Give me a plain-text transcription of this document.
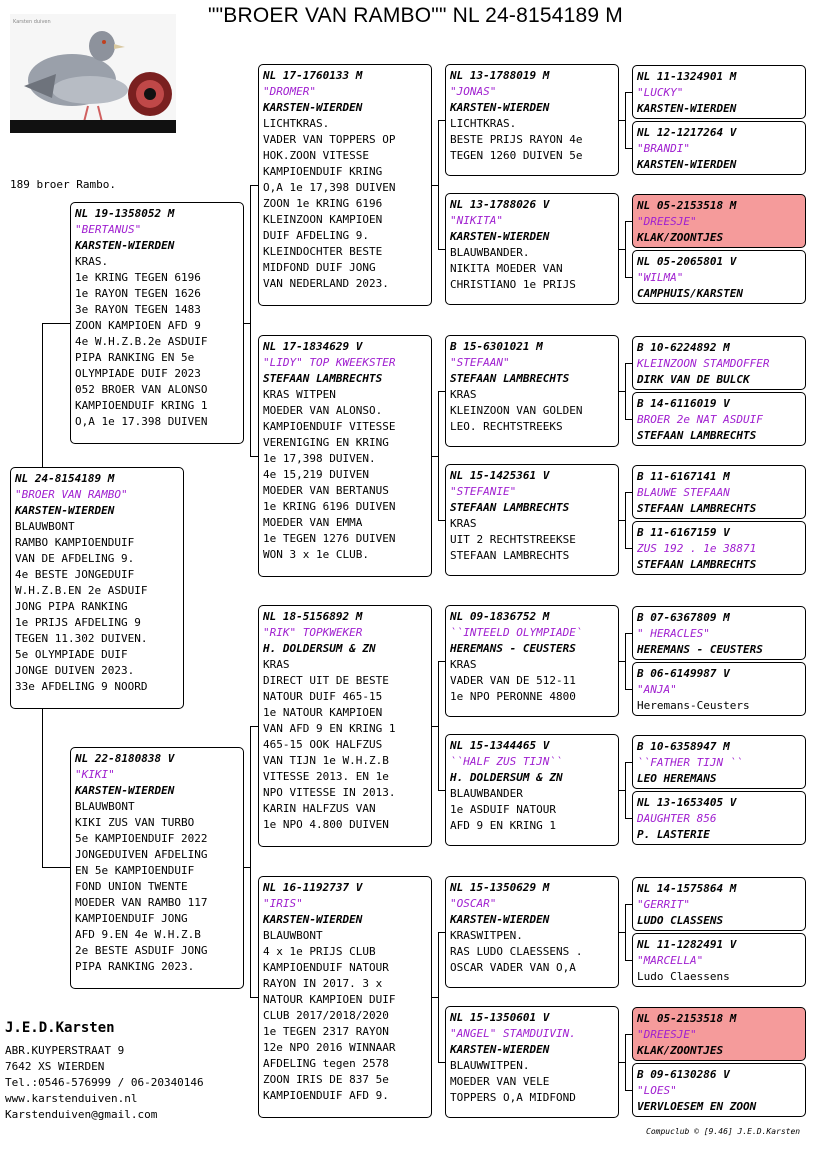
""BROER VAN RAMBO"" NL 24-8154189 M
Karsten duiven
189 broer Rambo.
NL 24-8154189 M
"BROER VAN RAMBO"
KARSTEN-WIERDEN
BLAUWBONT
RAMBO KAMPIOENDUIF
VAN DE AFDELING 9.
4e BESTE JONGEDUIF
W.H.Z.B.EN 2e ASDUIF
JONG PIPA RANKING
1e PRIJS AFDELING 9
TEGEN 11.302 DUIVEN.
5e OLYMPIADE DUIF
JONGE DUIVEN 2023.
33e AFDELING 9 NOORD
NL 19-1358052 M
"BERTANUS"
KARSTEN-WIERDEN
KRAS.
1e KRING TEGEN 6196
1e RAYON TEGEN 1626
3e RAYON TEGEN 1483
ZOON KAMPIOEN AFD 9
4e W.H.Z.B.2e ASDUIF
PIPA RANKING EN 5e
OLYMPIADE DUIF 2023
052 BROER VAN ALONSO
KAMPIOENDUIF KRING 1
O,A 1e 17.398 DUIVEN
NL 22-8180838 V
"KIKI"
KARSTEN-WIERDEN
BLAUWBONT
KIKI ZUS VAN TURBO
5e KAMPIOENDUIF 2022
JONGEDUIVEN AFDELING
EN 5e KAMPIOENDUIF
FOND UNION TWENTE
MOEDER VAN RAMBO 117
KAMPIOENDUIF JONG
AFD 9.EN 4e W.H.Z.B
2e BESTE ASDUIF JONG
PIPA RANKING 2023.
NL 17-1760133 M
"DROMER"
KARSTEN-WIERDEN
LICHTKRAS.
VADER VAN TOPPERS OP
HOK.ZOON VITESSE
KAMPIOENDUIF KRING
O,A 1e 17,398 DUIVEN
ZOON 1e KRING 6196
KLEINZOON KAMPIOEN
DUIF AFDELING 9.
KLEINDOCHTER BESTE
MIDFOND DUIF JONG
VAN NEDERLAND 2023.
NL 17-1834629 V
"LIDY" TOP KWEEKSTER
STEFAAN LAMBRECHTS
KRAS WITPEN
MOEDER VAN ALONSO.
KAMPIOENDUIF VITESSE
VERENIGING EN KRING
1e 17,398 DUIVEN.
4e 15,219 DUIVEN
MOEDER VAN BERTANUS
1e KRING 6196 DUIVEN
MOEDER VAN EMMA
1e TEGEN 1276 DUIVEN
WON 3 x 1e CLUB.
NL 18-5156892 M
"RIK" TOPKWEKER
H. DOLDERSUM & ZN
KRAS
DIRECT UIT DE BESTE
NATOUR DUIF 465-15
1e NATOUR KAMPIOEN
VAN AFD 9 EN KRING 1
465-15 OOK HALFZUS
VAN TIJN 1e W.H.Z.B
VITESSE 2013. EN 1e
NPO VITESSE IN 2013.
KARIN HALFZUS VAN
1e NPO 4.800 DUIVEN
NL 16-1192737 V
"IRIS"
KARSTEN-WIERDEN
BLAUWBONT
4 x 1e PRIJS CLUB
KAMPIOENDUIF NATOUR
RAYON IN 2017. 3 x
NATOUR KAMPIOEN DUIF
CLUB 2017/2018/2020
1e TEGEN 2317 RAYON
12e NPO 2016 WINNAAR
AFDELING tegen 2578
ZOON IRIS DE 837 5e
KAMPIOENDUIF AFD 9.
NL 13-1788019 M
"JONAS"
KARSTEN-WIERDEN
LICHTKRAS.
BESTE PRIJS RAYON 4e
TEGEN 1260 DUIVEN 5e
NL 13-1788026 V
"NIKITA"
KARSTEN-WIERDEN
BLAUWBANDER.
NIKITA MOEDER VAN
CHRISTIANO 1e PRIJS
B 15-6301021 M
"STEFAAN"
STEFAAN LAMBRECHTS
KRAS
KLEINZOON VAN GOLDEN
LEO. RECHTSTREEKS
NL 15-1425361 V
"STEFANIE"
STEFAAN LAMBRECHTS
KRAS
UIT 2 RECHTSTREEKSE
STEFAAN LAMBRECHTS
NL 09-1836752 M
``INTEELD OLYMPIADE`
HEREMANS - CEUSTERS
KRAS
VADER VAN DE 512-11
1e NPO PERONNE 4800
NL 15-1344465 V
``HALF ZUS TIJN``
H. DOLDERSUM & ZN
BLAUWBANDER
1e ASDUIF NATOUR
AFD 9 EN KRING 1
NL 15-1350629 M
"OSCAR"
KARSTEN-WIERDEN
KRASWITPEN.
RAS LUDO CLAESSENS .
OSCAR VADER VAN O,A
NL 15-1350601 V
"ANGEL" STAMDUIVIN.
KARSTEN-WIERDEN
BLAUWWITPEN.
MOEDER VAN VELE
TOPPERS O,A MIDFOND
NL 11-1324901 M
"LUCKY"
KARSTEN-WIERDEN
NL 12-1217264 V
"BRANDI"
KARSTEN-WIERDEN
NL 05-2153518 M
"DREESJE"
KLAK/ZOONTJES
NL 05-2065801 V
"WILMA"
CAMPHUIS/KARSTEN
B 10-6224892 M
KLEINZOON STAMDOFFER
DIRK VAN DE BULCK
B 14-6116019 V
BROER 2e NAT ASDUIF
STEFAAN LAMBRECHTS
B 11-6167141 M
BLAUWE STEFAAN
STEFAAN LAMBRECHTS
B 11-6167159 V
ZUS 192 . 1e 38871
STEFAAN LAMBRECHTS
B 07-6367809 M
" HERACLES"
HEREMANS - CEUSTERS
B 06-6149987 V
"ANJA"
Heremans-Ceusters
B 10-6358947 M
``FATHER TIJN ``
LEO HEREMANS
NL 13-1653405 V
DAUGHTER 856
P. LASTERIE
NL 14-1575864 M
"GERRIT"
LUDO CLASSENS
NL 11-1282491 V
"MARCELLA"
Ludo Claessens
NL 05-2153518 M
"DREESJE"
KLAK/ZOONTJES
B 09-6130286 V
"LOES"
VERVLOESEM EN ZOON
J.E.D.Karsten
ABR.KUYPERSTRAAT 9
7642 XS WIERDEN
Tel.:0546-576999 / 06-20340146
www.karstenduiven.nl
Karstenduiven@gmail.com
Compuclub © [9.46] J.E.D.Karsten
